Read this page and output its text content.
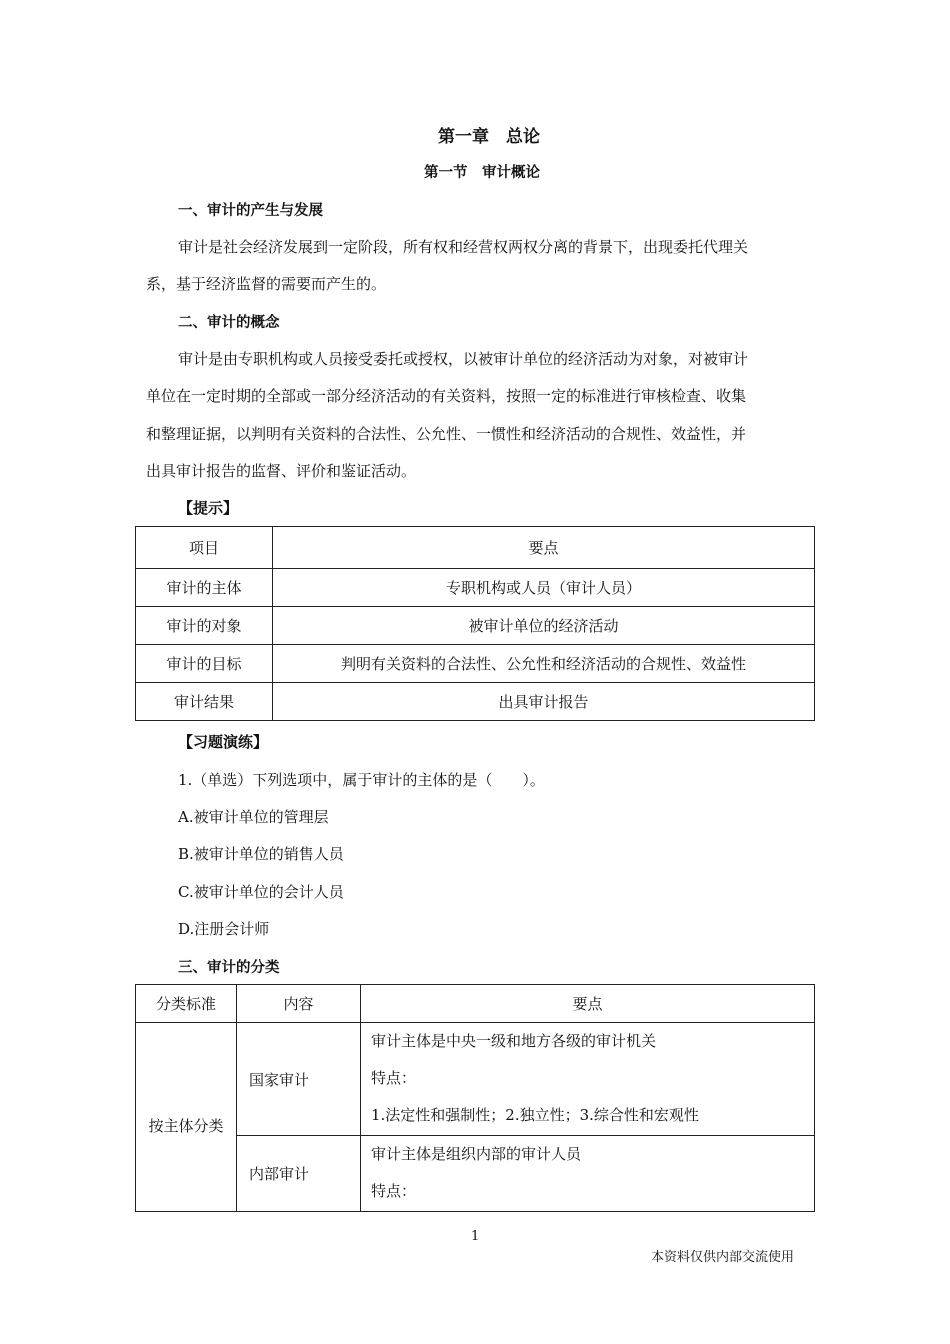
第一章　总论
第一节　审计概论
一、审计的产生与发展
审计是社会经济发展到一定阶段，所有权和经营权两权分离的背景下，出现委托代理关
系，基于经济监督的需要而产生的。
二、审计的概念
审计是由专职机构或人员接受委托或授权，以被审计单位的经济活动为对象，对被审计
单位在一定时期的全部或一部分经济活动的有关资料，按照一定的标准进行审核检查、收集
和整理证据，以判明有关资料的合法性、公允性、一惯性和经济活动的合规性、效益性，并
出具审计报告的监督、评价和鉴证活动。
【提示】
项目	要点
审计的主体	专职机构或人员（审计人员）
审计的对象	被审计单位的经济活动
审计的目标	判明有关资料的合法性、公允性和经济活动的合规性、效益性
审计结果	出具审计报告
【习题演练】
1.（单选）下列选项中，属于审计的主体的是（　　）。
A.被审计单位的管理层
B.被审计单位的销售人员
C.被审计单位的会计人员
D.注册会计师
三、审计的分类
分类标准	内容	要点
按主体分类	国家审计	审计主体是中央一级和地方各级的审计机关
特点：
1.法定性和强制性；2.独立性；3.综合性和宏观性

	内部审计	审计主体是组织内部的审计人员
特点：
1
本资料仅供内部交流使用
